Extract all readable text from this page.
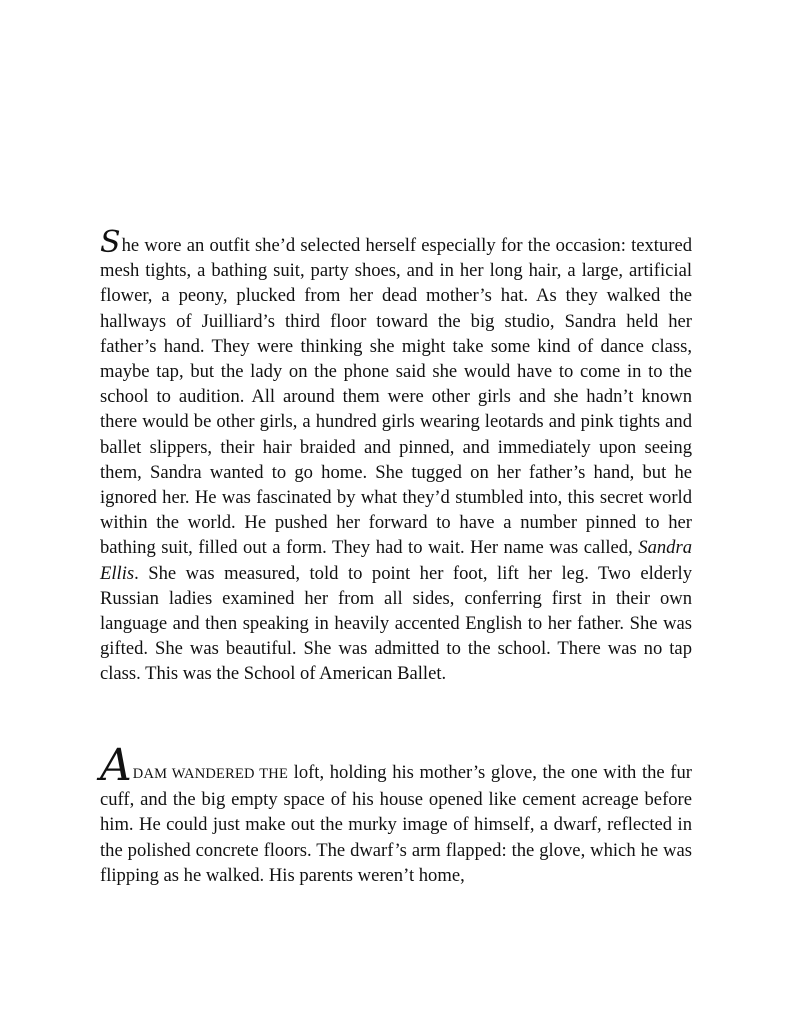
She wore an outfit she’d selected herself especially for the occasion: textured mesh tights, a bathing suit, party shoes, and in her long hair, a large, artificial flower, a peony, plucked from her dead mother’s hat. As they walked the hallways of Juilliard’s third floor toward the big studio, Sandra held her father’s hand. They were thinking she might take some kind of dance class, maybe tap, but the lady on the phone said she would have to come in to the school to audition. All around them were other girls and she hadn’t known there would be other girls, a hundred girls wearing leotards and pink tights and ballet slippers, their hair braided and pinned, and immediately upon seeing them, Sandra wanted to go home. She tugged on her father’s hand, but he ignored her. He was fascinated by what they’d stumbled into, this secret world within the world. He pushed her forward to have a number pinned to her bathing suit, filled out a form. They had to wait. Her name was called, Sandra Ellis. She was measured, told to point her foot, lift her leg. Two elderly Russian ladies examined her from all sides, conferring first in their own language and then speaking in heavily accented English to her father. She was gifted. She was beautiful. She was admitted to the school. There was no tap class. This was the School of American Ballet.

ADAM WANDERED THE loft, holding his mother’s glove, the one with the fur cuff, and the big empty space of his house opened like cement acreage before him. He could just make out the murky image of himself, a dwarf, reflected in the polished concrete floors. The dwarf’s arm flapped: the glove, which he was flipping as he walked. His parents weren’t home,
